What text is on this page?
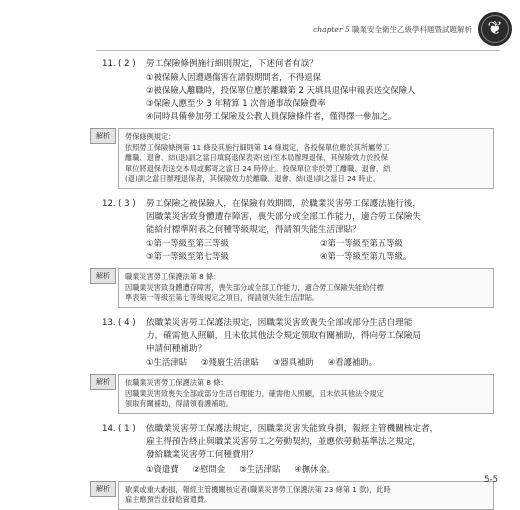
chapter 5 職業安全衛生乙級學科題暨試題解析 ❦
11. ( 2 )	勞工保險條例施行細則規定，下述何者有誤？
①被保險人因遭遇傷害在請假期間者，不得退保
②被保險人離職時，投保單位應於離職第 2 天填具退保申報表送交保險人
③保險人應至少 3 年精算 1 次普通事故保險費率
④同時具備參加勞工保險及公教人員保險條件者，僅得擇一參加之。
解析	勞保條例規定：
依照勞工保險條例第 11 條及其施行細則第 14 條規定，各投保單位應於其所屬勞工
離職、退會、結(退)訓之當日填寫退保表寄(送)至本局辦理退保，其保險效力於投保
單位將退保表送交本局或郵寄之當日 24 時停止。投保單位非於勞工離職、退會、結
(退)訓之當日辦理退保者，其保險效力於離職、退會、結(退)訓之當日 24 時止。
12. ( 3 )	勞工保險之被保險人，在保險有效期間，於職業災害勞工保護法施行後，
因職業災害致身體遭存障害，喪失部分或全部工作能力，適合勞工保險失
能給付標準附表之何種等級規定，得請領失能生活津貼？
①第一等級至第三等級	②第一等級至第五等級
③第一等級至第七等級	④第一等級至第九等級。
解析	職業災害勞工保護法第 8 條：
因職業災害致身體遭存障害，喪失部分或全部工作能力，適合勞工保險失能給付標
準表第一等級至第七等級規定之項目，得請領失能生活津貼。
13. ( 4 )	依職業災害勞工保護法規定，因職業災害致喪失全部或部分生活自理能
力，確需他人照顧，且未依其他法令規定領取有關補助，得向勞工保險局
申請何種補助？
①生活津貼 ②殘廢生活津貼 ③器具補助 ④看護補助。
解析	依職業災害勞工保護法第 8 條：
因職業災害致喪失全部或部分生活自理能力，確需他人照顧，且未依其他法令規定
領取有關補助，得請領看護補助。
14. ( 1 )	依職業災害勞工保護法規定，因職業災害失能致身損，報經主管機關核定者，
雇主得預告終止與職業災害勞工之勞動契約，並應依勞動基準法之規定，
發給職業災害勞工何種費用？
①資遣費 ②慰問金 ③生活津貼 ④撫休金。
解析	歇業或重大虧損，報經主管機關核定者(職業災害勞工保護法第 23 條第 1 款)，此時
雇主應預告並發給資遣費。
5-5
